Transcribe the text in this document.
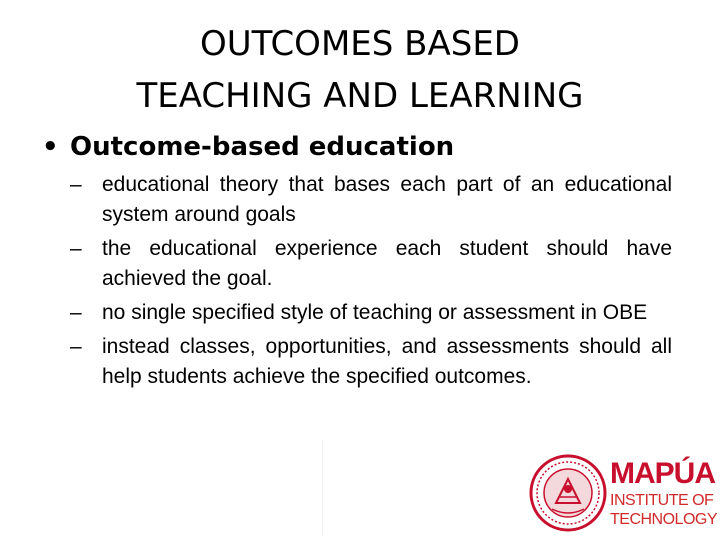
OUTCOMES BASED
TEACHING AND LEARNING
• Outcome-based education
– educational theory that bases each part of an educational system around goals
– the educational experience each student should have achieved the goal.
– no single specified style of teaching or assessment in OBE
– instead classes, opportunities, and assessments should all help students achieve the specified outcomes.
MAPÚA
INSTITUTE OF
TECHNOLOGY
